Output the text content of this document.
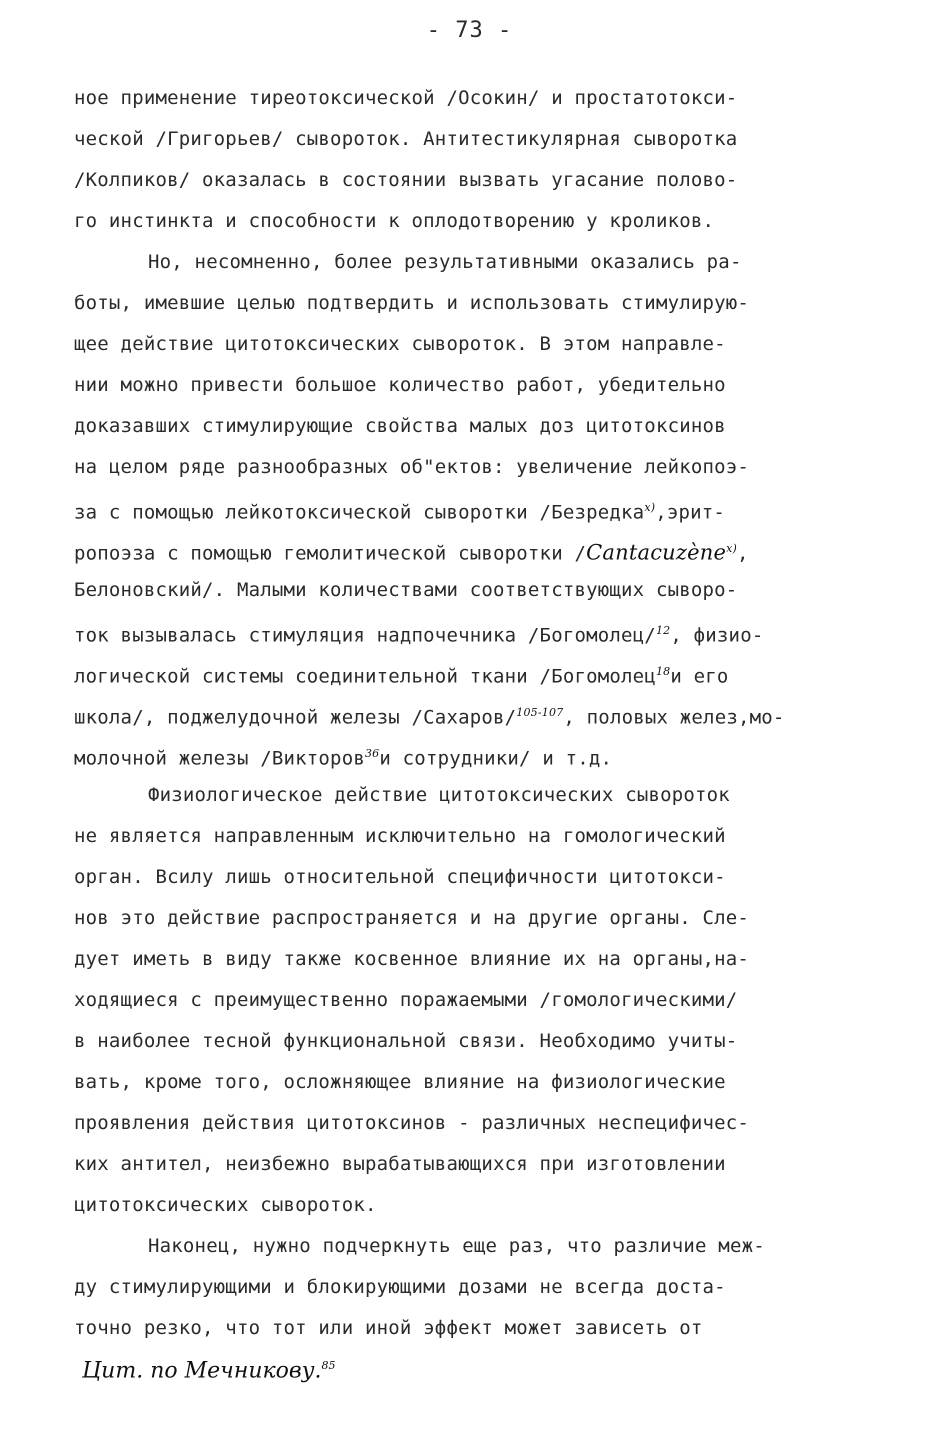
- 73 -
ное применение тиреотоксической /Осокин/ и простатотокси-
ческой /Григорьев/ сывороток. Антитестикулярная сыворотка
/Колпиков/ оказалась в состоянии вызвать угасание полово-
го инстинкта и способности к оплодотворению у кроликов.
Но, несомненно, более результативными оказались ра-
боты, имевшие целью подтвердить и использовать стимулирую-
щее действие цитотоксических сывороток. В этом направле-
нии можно привести большое количество работ, убедительно
доказавших стимулирующие свойства малых доз цитотоксинов
на целом ряде разнообразных об"ектов: увеличение лейкопоэ-
за с помощью лейкотоксической сыворотки /Безредка$^{x)}$,эрит-
ропоэза с помощью гемолитической сыворотки /Cantacuzène$^{x)}$,
Белоновский/. Малыми количествами соответствующих сыворо-
ток вызывалась стимуляция надпочечника /Богомолец/$^{12}$, физио-
логической системы соединительной ткани /Богомолец$^{18}$и его
школа/, поджелудочной железы /Сахаров/$^{105-107}$, половых желез,мо-
молочной железы /Викторов$^{36}$и сотрудники/ и т.д.
Физиологическое действие цитотоксических сывороток
не является направленным исключительно на гомологический
орган. Всилу лишь относительной специфичности цитотокси-
нов это действие распространяется и на другие органы. Сле-
дует иметь в виду также косвенное влияние их на органы,на-
ходящиеся с преимущественно поражаемыми /гомологическими/
в наиболее тесной функциональной связи. Необходимо учиты-
вать, кроме того, осложняющее влияние на физиологические
проявления действия цитотоксинов - различных неспецифичес-
ких антител, неизбежно вырабатывающихся при изготовлении
цитотоксических сывороток.
Наконец, нужно подчеркнуть еще раз, что различие меж-
ду стимулирующими и блокирующими дозами не всегда доста-
точно резко, что тот или иной эффект может зависеть от
Цит. по Мечникову.$^{85}$
